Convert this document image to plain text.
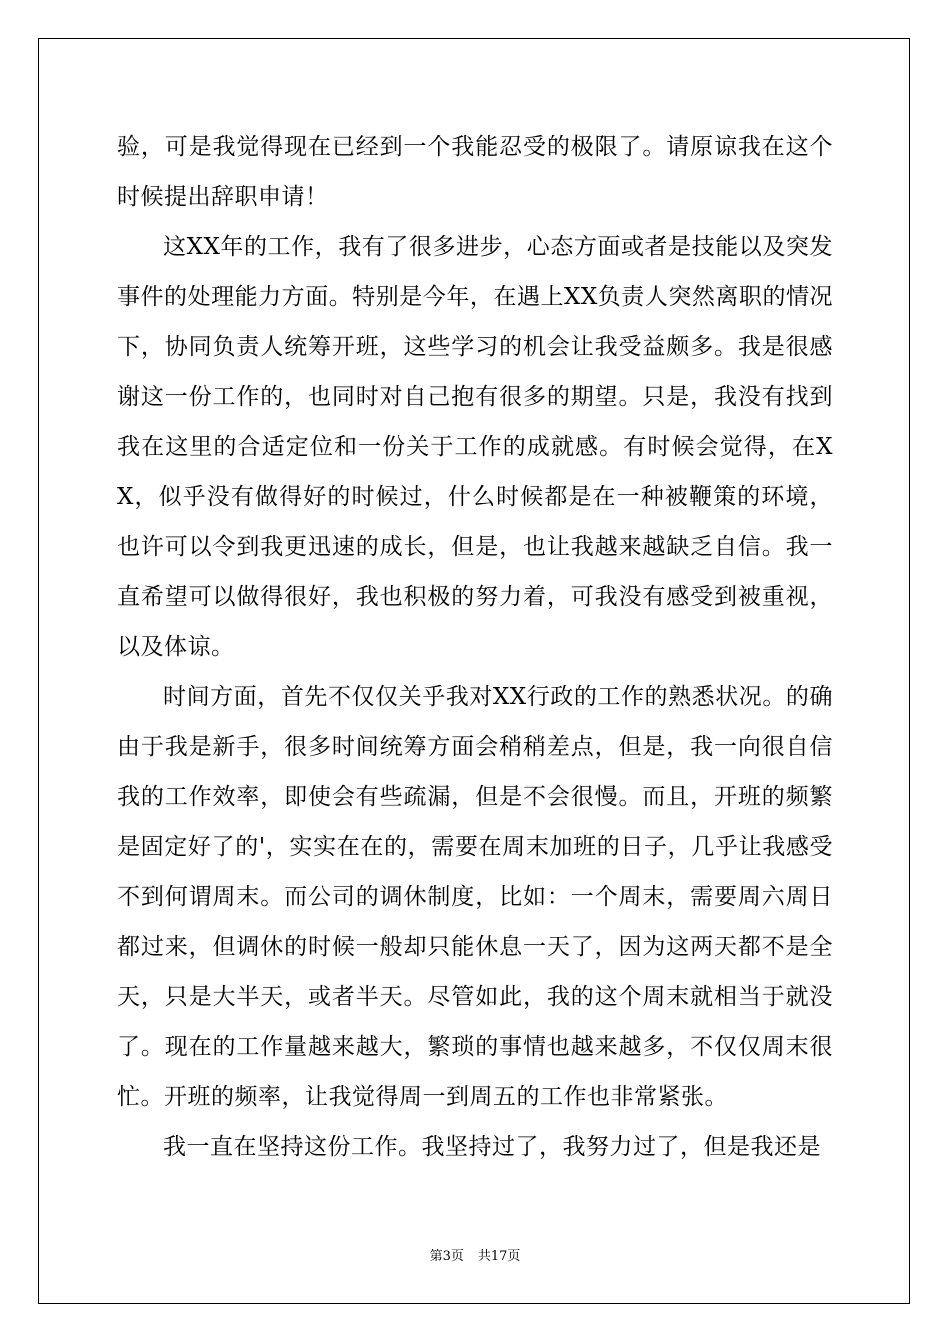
验，可是我觉得现在已经到一个我能忍受的极限了。请原谅我在这个时候提出辞职申请！

这XX年的工作，我有了很多进步，心态方面或者是技能以及突发事件的处理能力方面。特别是今年，在遇上XX负责人突然离职的情况下，协同负责人统筹开班，这些学习的机会让我受益颇多。我是很感谢这一份工作的，也同时对自己抱有很多的期望。只是，我没有找到我在这里的合适定位和一份关于工作的成就感。有时候会觉得，在XX，似乎没有做得好的时候过，什么时候都是在一种被鞭策的环境，也许可以令到我更迅速的成长，但是，也让我越来越缺乏自信。我一直希望可以做得很好，我也积极的努力着，可我没有感受到被重视，以及体谅。

时间方面，首先不仅仅关乎我对XX行政的工作的熟悉状况。的确由于我是新手，很多时间统筹方面会稍稍差点，但是，我一向很自信我的工作效率，即使会有些疏漏，但是不会很慢。而且，开班的频繁是固定好了的'，实实在在的，需要在周末加班的日子，几乎让我感受不到何谓周末。而公司的调休制度，比如：一个周末，需要周六周日都过来，但调休的时候一般却只能休息一天了，因为这两天都不是全天，只是大半天，或者半天。尽管如此，我的这个周末就相当于就没了。现在的工作量越来越大，繁琐的事情也越来越多，不仅仅周末很忙。开班的频率，让我觉得周一到周五的工作也非常紧张。

我一直在坚持这份工作。我坚持过了，我努力过了，但是我还是

第3页 共17页
